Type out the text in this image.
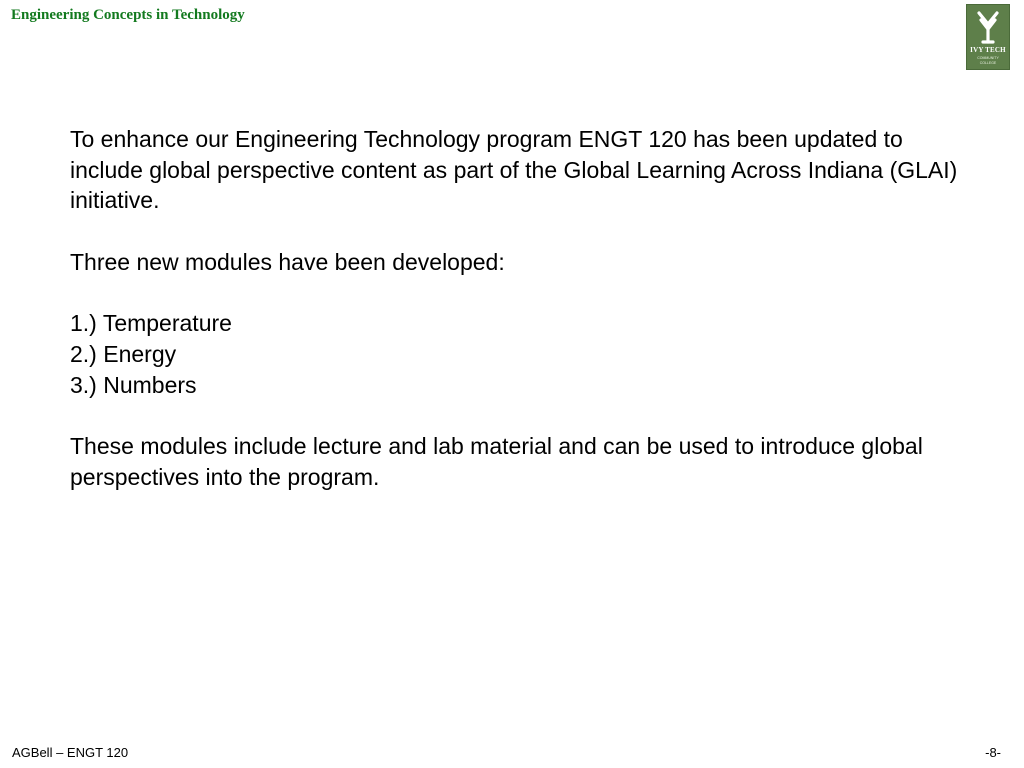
Engineering Concepts in Technology
IVY TECH
COMMUNITY
COLLEGE

To enhance our Engineering Technology program ENGT 120 has been updated to include global perspective content as part of the Global Learning Across Indiana (GLAI) initiative.

Three new modules have been developed:

1.) Temperature

2.) Energy

3.) Numbers

These modules include lecture and lab material and can be used to introduce global perspectives into the program.

AGBell – ENGT 120	-8-
